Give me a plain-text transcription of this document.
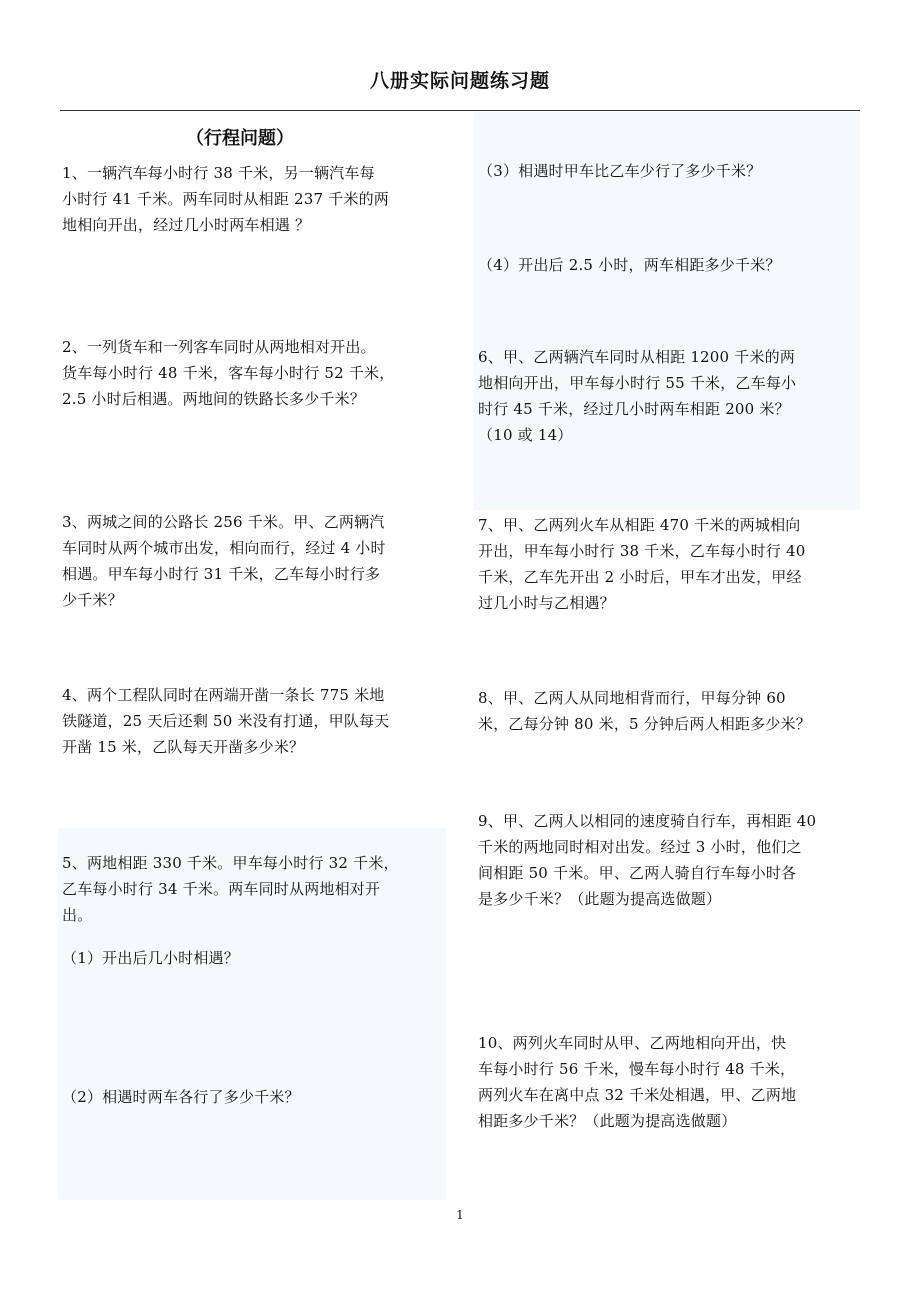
八册实际问题练习题
（行程问题）

1、一辆汽车每小时行 38 千米，另一辆汽车每
小时行 41 千米。两车同时从相距 237 千米的两
地相向开出，经过几小时两车相遇 ？

2、一列货车和一列客车同时从两地相对开出。
货车每小时行 48 千米，客车每小时行 52 千米，
2.5 小时后相遇。两地间的铁路长多少千米？

3、两城之间的公路长 256 千米。甲、乙两辆汽
车同时从两个城市出发，相向而行，经过 4 小时
相遇。甲车每小时行 31 千米，乙车每小时行多
少千米？

4、两个工程队同时在两端开凿一条长 775 米地
铁隧道，25 天后还剩 50 米没有打通，甲队每天
开凿 15 米，乙队每天开凿多少米？

5、两地相距 330 千米。甲车每小时行 32 千米，
乙车每小时行 34 千米。两车同时从两地相对开
出。

（1）开出后几小时相遇？

（2）相遇时两车各行了多少千米？

（3）相遇时甲车比乙车少行了多少千米？

（4）开出后 2.5 小时，两车相距多少千米？

6、甲、乙两辆汽车同时从相距 1200 千米的两
地相向开出，甲车每小时行 55 千米，乙车每小
时行 45 千米，经过几小时两车相距 200 米？
（10 或 14）

7、甲、乙两列火车从相距 470 千米的两城相向
开出，甲车每小时行 38 千米，乙车每小时行 40
千米，乙车先开出 2 小时后，甲车才出发，甲经
过几小时与乙相遇？

8、甲、乙两人从同地相背而行，甲每分钟 60
米，乙每分钟 80 米，5 分钟后两人相距多少米？

9、甲、乙两人以相同的速度骑自行车，再相距 40
千米的两地同时相对出发。经过 3 小时，他们之
间相距 50 千米。甲、乙两人骑自行车每小时各
是多少千米？（此题为提高选做题）

10、两列火车同时从甲、乙两地相向开出，快
车每小时行 56 千米，慢车每小时行 48 千米，
两列火车在离中点 32 千米处相遇，甲、乙两地
相距多少千米？（此题为提高选做题）

1
